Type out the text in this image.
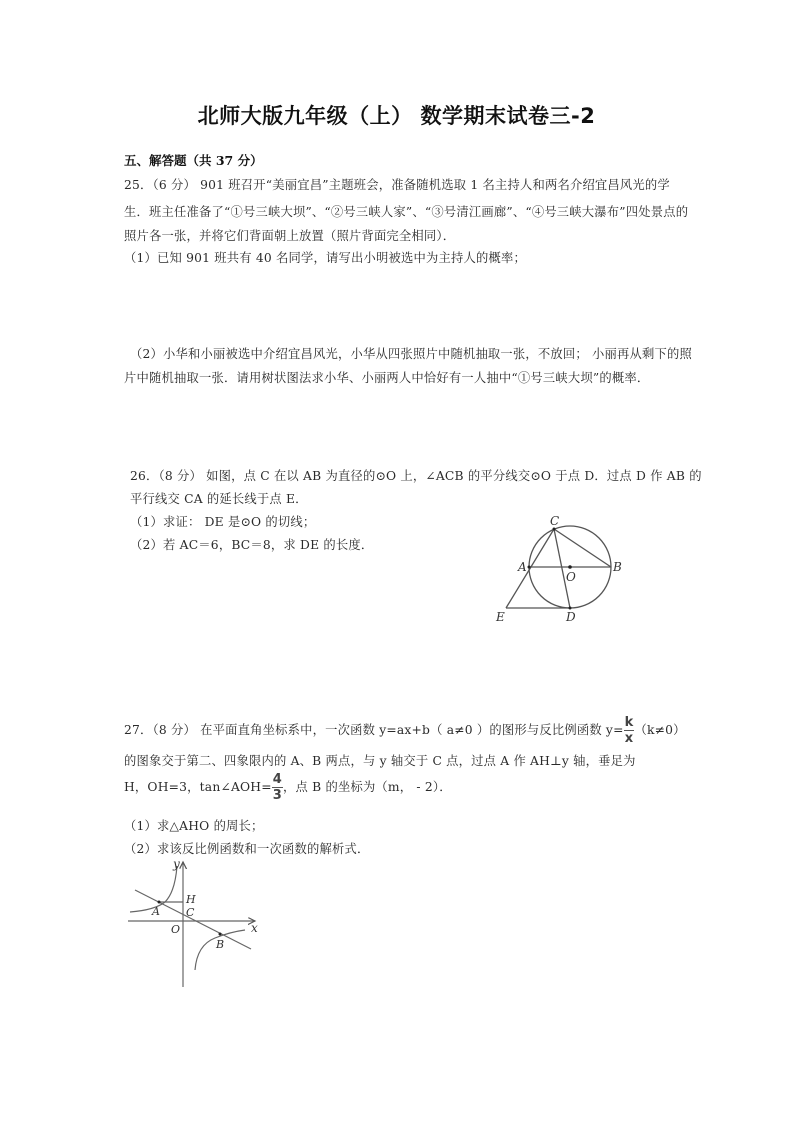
北师大版九年级（上） 数学期末试卷三-2
五、解答题（共 37 分）
25．（6 分） 901 班召开“美丽宜昌”主题班会，准备随机选取 1 名主持人和两名介绍宜昌风光的学
生．班主任准备了“①号三峡大坝”、“②号三峡人家”、“③号清江画廊”、“④号三峡大瀑布”四处景点的
照片各一张，并将它们背面朝上放置（照片背面完全相同）．
（1）已知 901 班共有 40 名同学，请写出小明被选中为主持人的概率；
（2）小华和小丽被选中介绍宜昌风光，小华从四张照片中随机抽取一张，不放回； 小丽再从剩下的照
片中随机抽取一张．请用树状图法求小华、小丽两人中恰好有一人抽中“①号三峡大坝”的概率．
26．（8 分） 如图，点 C 在以 AB 为直径的⊙O 上，∠ACB 的平分线交⊙O 于点 D．过点 D 作 AB 的
平行线交 CA 的延长线于点 E．
（1）求证： DE 是⊙O 的切线；
（2）若 AC＝6，BC＝8，求 DE 的长度．
C
A	B
O
E	D
27．（8 分） 在平面直角坐标系中，一次函数 y=ax+b（ a≠0 ）的图形与反比例函数 $y= \frac{k}{x} (k\ne 0)$
的图象交于第二、四象限内的 A、B 两点，与 y 轴交于 C 点，过点 A 作 AH⊥y 轴，垂足为
H，OH=3，tan∠AOH= $\frac{4}{3}$ ，点 B 的坐标为（m， - 2）．
（1）求△AHO 的周长；
（2）求该反比例函数和一次函数的解析式．
y
x
H
C
A
O
B
